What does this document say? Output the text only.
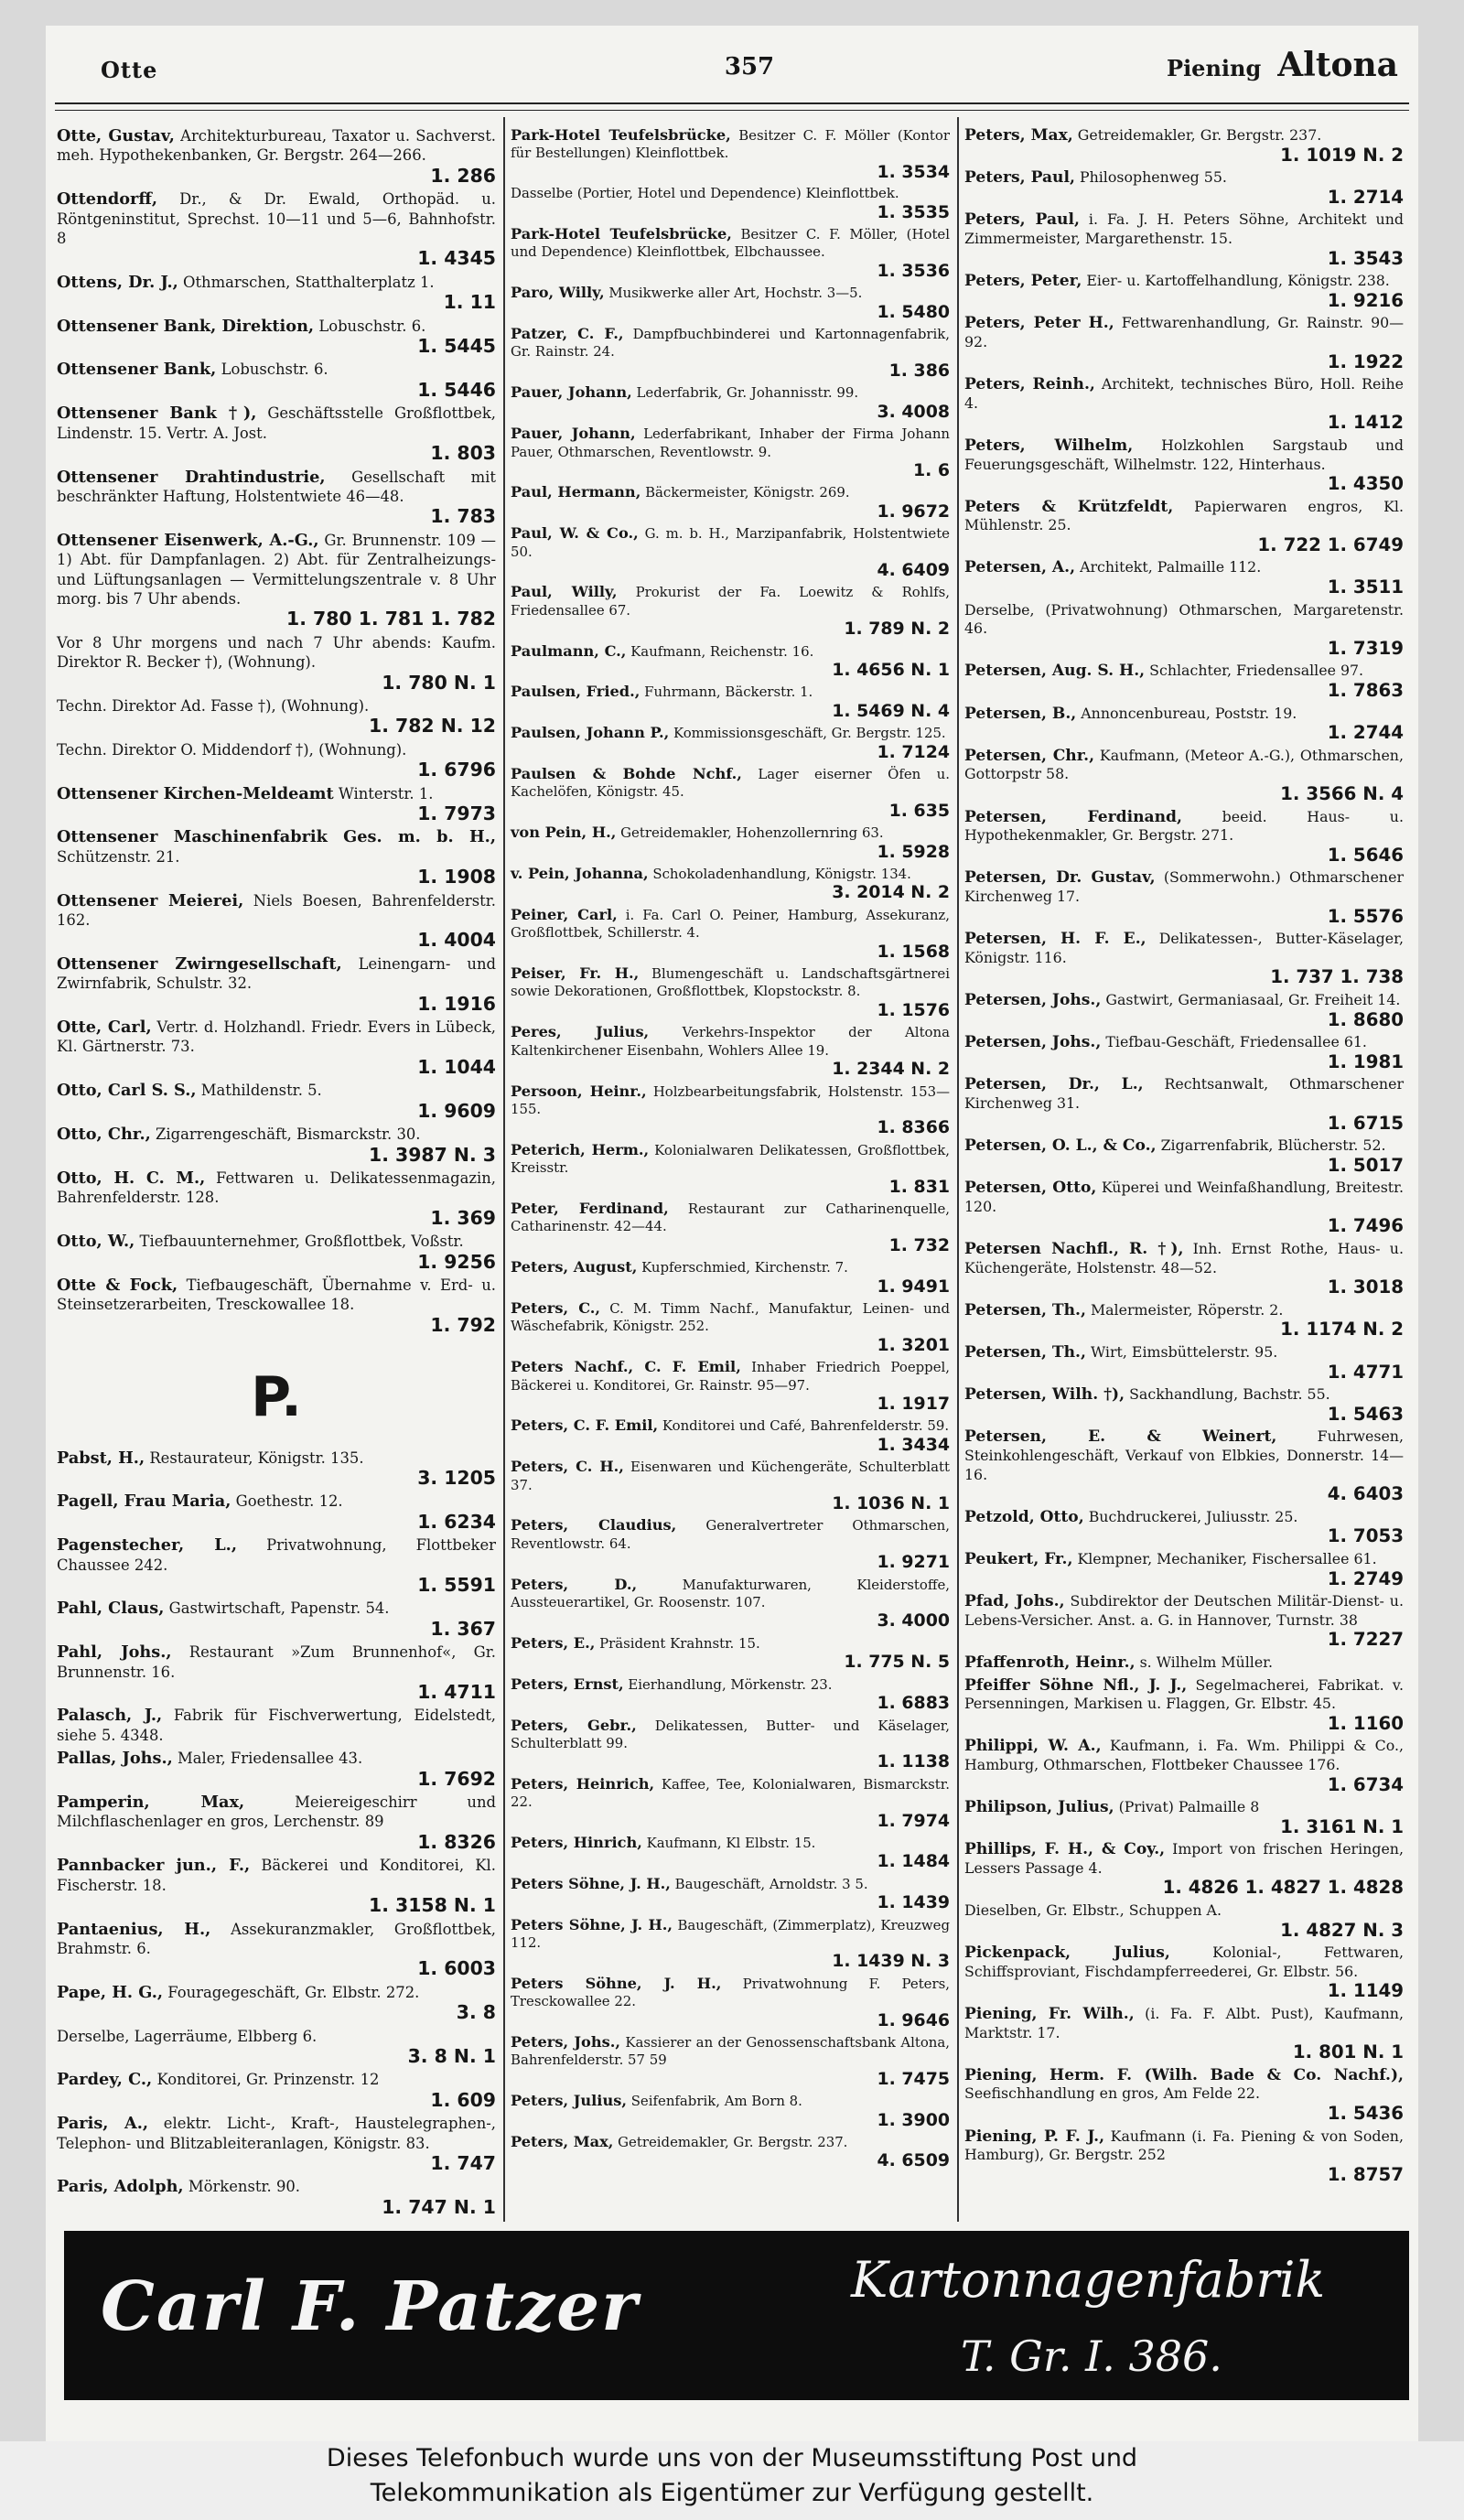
Otte	357	Piening Altona
Otte, Gustav, Architekturbureau, Taxator u. Sachverst. meh. Hypothekenbanken, Gr. Bergstr. 264—266.
1. 286
Ottendorff, Dr., & Dr. Ewald, Orthopäd. u. Röntgeninstitut, Sprechst. 10—11 und 5—6, Bahnhofstr. 8
1. 4345
Ottens, Dr. J., Othmarschen, Statthalterplatz 1.
1. 11
Ottensener Bank, Direktion, Lobuschstr. 6.
1. 5445
Ottensener Bank, Lobuschstr. 6.
1. 5446
Ottensener Bank †), Geschäftsstelle Großflottbek, Lindenstr. 15. Vertr. A. Jost.
1. 803
Ottensener Drahtindustrie, Gesellschaft mit beschränkter Haftung, Holstentwiete 46—48.
1. 783
Ottensener Eisenwerk, A.-G., Gr. Brunnenstr. 109 — 1) Abt. für Dampfanlagen. 2) Abt. für Zentralheizungs- und Lüftungsanlagen — Vermittelungszentrale v. 8 Uhr morg. bis 7 Uhr abends.
1. 780 1. 781 1. 782
Vor 8 Uhr morgens und nach 7 Uhr abends: Kaufm. Direktor R. Becker †), (Wohnung).
1. 780 N. 1
Techn. Direktor Ad. Fasse †), (Wohnung).
1. 782 N. 12
Techn. Direktor O. Middendorf †), (Wohnung).
1. 6796
Ottensener Kirchen-Meldeamt Winterstr. 1.
1. 7973
Ottensener Maschinenfabrik Ges. m. b. H., Schützenstr. 21.
1. 1908
Ottensener Meierei, Niels Boesen, Bahrenfelderstr. 162.
1. 4004
Ottensener Zwirngesellschaft, Leinengarn- und Zwirnfabrik, Schulstr. 32.
1. 1916
Otte, Carl, Vertr. d. Holzhandl. Friedr. Evers in Lübeck, Kl. Gärtnerstr. 73.
1. 1044
Otto, Carl S. S., Mathildenstr. 5.
1. 9609
Otto, Chr., Zigarrengeschäft, Bismarckstr. 30.
1. 3987 N. 3
Otto, H. C. M., Fettwaren u. Delikatessenmagazin, Bahrenfelderstr. 128.
1. 369
Otto, W., Tiefbauunternehmer, Großflottbek, Voßstr.
1. 9256
Otte & Fock, Tiefbaugeschäft, Übernahme v. Erd- u. Steinsetzerarbeiten, Tresckowallee 18.
1. 792
P.
Pabst, H., Restaurateur, Königstr. 135.
3. 1205
Pagell, Frau Maria, Goethestr. 12.
1. 6234
Pagenstecher, L., Privatwohnung, Flottbeker Chaussee 242.
1. 5591
Pahl, Claus, Gastwirtschaft, Papenstr. 54.
1. 367
Pahl, Johs., Restaurant »Zum Brunnenhof«, Gr. Brunnenstr. 16.
1. 4711
Palasch, J., Fabrik für Fischverwertung, Eidelstedt, siehe 5. 4348.
Pallas, Johs., Maler, Friedensallee 43.
1. 7692
Pamperin, Max,	Meiereigeschirr und Milchflaschenlager en gros, Lerchenstr. 89
1. 8326
Pannbacker jun., F., Bäckerei und Konditorei, Kl. Fischerstr. 18.
1. 3158 N. 1
Pantaenius, H., Assekuranzmakler, Großflottbek, Brahmstr. 6.
1. 6003
Pape, H. G., Fouragegeschäft, Gr. Elbstr. 272.
3. 8
Derselbe, Lagerräume, Elbberg 6.
3. 8 N. 1
Pardey, C., Konditorei, Gr. Prinzenstr. 12
1. 609
Paris, A., elektr. Licht-, Kraft-, Haustelegraphen-, Telephon- und Blitzableiteranlagen, Königstr. 83.
1. 747
Paris, Adolph, Mörkenstr. 90.
1. 747 N. 1
Park-Hotel Teufelsbrücke, Besitzer C. F. Möller (Kontor für Bestellungen) Kleinflottbek.
1. 3534
Dasselbe (Portier, Hotel und Dependence) Kleinflottbek.
1. 3535
Park-Hotel Teufelsbrücke, Besitzer C. F. Möller, (Hotel und Dependence) Kleinflottbek, Elbchaussee.
1. 3536
Paro, Willy, Musikwerke aller Art, Hochstr. 3—5.
1. 5480
Patzer, C. F., Dampfbuchbinderei und Kartonnagenfabrik, Gr. Rainstr. 24.
1. 386
Pauer, Johann, Lederfabrik, Gr. Johannisstr. 99.
3. 4008
Pauer, Johann, Lederfabrikant, Inhaber der Firma Johann Pauer, Othmarschen, Reventlowstr. 9.
1. 6
Paul, Hermann, Bäckermeister, Königstr. 269.
1. 9672
Paul, W. & Co., G. m. b. H., Marzipanfabrik, Holstentwiete 50.
4. 6409
Paul, Willy, Prokurist der Fa. Loewitz & Rohlfs, Friedensallee 67.
1. 789 N. 2
Paulmann, C., Kaufmann, Reichenstr. 16.
1. 4656 N. 1
Paulsen, Fried., Fuhrmann, Bäckerstr. 1.
1. 5469 N. 4
Paulsen, Johann P., Kommissionsgeschäft, Gr. Bergstr. 125.
1. 7124
Paulsen & Bohde Nchf., Lager eiserner Öfen u. Kachelöfen, Königstr. 45.
1. 635
von Pein, H., Getreidemakler, Hohenzollernring 63.
1. 5928
v. Pein, Johanna, Schokoladenhandlung, Königstr. 134.
3. 2014 N. 2
Peiner, Carl, i. Fa. Carl O. Peiner, Hamburg, Assekuranz, Großflottbek, Schillerstr. 4.
1. 1568
Peiser, Fr. H., Blumengeschäft u. Landschaftsgärtnerei sowie Dekorationen, Großflottbek, Klopstockstr. 8.
1. 1576
Peres, Julius, Verkehrs-Inspektor der Altona Kaltenkirchener Eisenbahn, Wohlers Allee 19.
1. 2344 N. 2
Persoon, Heinr., Holzbearbeitungsfabrik, Holstenstr. 153—155.
1. 8366
Peterich, Herm., Kolonialwaren Delikatessen, Großflottbek, Kreisstr.
1. 831
Peter, Ferdinand, Restaurant zur Catharinenquelle, Catharinenstr. 42—44.
1. 732
Peters, August, Kupferschmied, Kirchenstr. 7.
1. 9491
Peters, C., C. M. Timm Nachf., Manufaktur, Leinen- und Wäschefabrik, Königstr. 252.
1. 3201
Peters Nachf., C. F. Emil, Inhaber Friedrich Poeppel, Bäckerei u. Konditorei, Gr. Rainstr. 95—97.
1. 1917
Peters, C. F. Emil, Konditorei und Café, Bahrenfelderstr. 59.
1. 3434
Peters, C. H., Eisenwaren und Küchengeräte, Schulterblatt 37.
1. 1036 N. 1
Peters, Claudius, Generalvertreter Othmarschen, Reventlowstr. 64.
1. 9271
Peters, D.,	Manufakturwaren, Kleiderstoffe, Aussteuerartikel, Gr. Roosenstr. 107.
3. 4000
Peters, E., Präsident Krahnstr. 15.
1. 775 N. 5
Peters, Ernst, Eierhandlung, Mörkenstr. 23.
1. 6883
Peters, Gebr., Delikatessen, Butter- und Käselager, Schulterblatt 99.
1. 1138
Peters, Heinrich, Kaffee, Tee, Kolonialwaren, Bismarckstr. 22.
1. 7974
Peters, Hinrich, Kaufmann, Kl Elbstr. 15.
1. 1484
Peters Söhne, J. H., Baugeschäft, Arnoldstr. 3 5.
1. 1439
Peters Söhne, J. H., Baugeschäft, (Zimmerplatz), Kreuzweg 112.
1. 1439 N. 3
Peters Söhne, J. H., Privatwohnung F. Peters, Tresckowallee 22.
1. 9646
Peters, Johs., Kassierer an der Genossenschaftsbank Altona, Bahrenfelderstr. 57 59
1. 7475
Peters, Julius, Seifenfabrik, Am Born 8.
1. 3900
Peters, Max, Getreidemakler, Gr. Bergstr. 237.
4. 6509
Peters, Max, Getreidemakler, Gr. Bergstr. 237.
1. 1019 N. 2
Peters, Paul, Philosophenweg 55.
1. 2714
Peters, Paul, i. Fa. J. H. Peters Söhne, Architekt und Zimmermeister, Margarethenstr. 15.
1. 3543
Peters, Peter, Eier- u. Kartoffelhandlung, Königstr. 238.
1. 9216
Peters, Peter H., Fettwarenhandlung, Gr. Rainstr. 90—92.
1. 1922
Peters, Reinh., Architekt, technisches Büro, Holl. Reihe 4.
1. 1412
Peters, Wilhelm, Holzkohlen Sargstaub und Feuerungsgeschäft, Wilhelmstr. 122, Hinterhaus.
1. 4350
Peters & Krützfeldt, Papierwaren engros, Kl. Mühlenstr. 25.
1. 722 1. 6749
Petersen, A., Architekt, Palmaille 112.
1. 3511
Derselbe, (Privatwohnung) Othmarschen, Margaretenstr. 46.
1. 7319
Petersen, Aug. S. H., Schlachter, Friedensallee 97.
1. 7863
Petersen, B., Annoncenbureau, Poststr. 19.
1. 2744
Petersen, Chr., Kaufmann, (Meteor A.-G.), Othmarschen, Gottorpstr 58.
1. 3566 N. 4
Petersen, Ferdinand,	beeid. Haus- u. Hypothekenmakler, Gr. Bergstr. 271.
1. 5646
Petersen, Dr. Gustav, (Sommerwohn.) Othmarschener Kirchenweg 17.
1. 5576
Petersen, H. F. E., Delikatessen-, Butter-Käselager, Königstr. 116.
1. 737 1. 738
Petersen, Johs., Gastwirt, Germaniasaal, Gr. Freiheit 14.
1. 8680
Petersen, Johs., Tiefbau-Geschäft, Friedensallee 61.
1. 1981
Petersen, Dr., L., Rechtsanwalt, Othmarschener Kirchenweg 31.
1. 6715
Petersen, O. L., & Co., Zigarrenfabrik, Blücherstr. 52.
1. 5017
Petersen, Otto, Küperei und Weinfaßhandlung, Breitestr. 120.
1. 7496
Petersen Nachfl., R. †), Inh. Ernst Rothe, Haus- u. Küchengeräte, Holstenstr. 48—52.
1. 3018
Petersen, Th., Malermeister, Röperstr. 2.
1. 1174 N. 2
Petersen, Th., Wirt, Eimsbüttelerstr. 95.
1. 4771
Petersen, Wilh. †), Sackhandlung, Bachstr. 55.
1. 5463
Petersen, E. & Weinert,	Fuhrwesen, Steinkohlengeschäft, Verkauf von Elbkies, Donnerstr. 14—16.
4. 6403
Petzold, Otto, Buchdruckerei, Juliusstr. 25.
1. 7053
Peukert, Fr., Klempner, Mechaniker, Fischersallee 61.
1. 2749
Pfad, Johs., Subdirektor der Deutschen Militär-Dienst- u. Lebens-Versicher. Anst. a. G. in Hannover, Turnstr. 38
1. 7227
Pfaffenroth, Heinr., s. Wilhelm Müller.
Pfeiffer Söhne Nfl., J. J., Segelmacherei, Fabrikat. v. Persenningen, Markisen u. Flaggen, Gr. Elbstr. 45.
1. 1160
Philippi, W. A., Kaufmann, i. Fa. Wm. Philippi & Co., Hamburg, Othmarschen, Flottbeker Chaussee 176.
1. 6734
Philipson, Julius, (Privat) Palmaille 8
1. 3161 N. 1
Phillips, F. H., & Coy., Import von frischen Heringen, Lessers Passage 4.
1. 4826 1. 4827 1. 4828
Dieselben, Gr. Elbstr., Schuppen A.
1. 4827 N. 3
Pickenpack, Julius,	Kolonial-, Fettwaren, Schiffsproviant, Fischdampferreederei, Gr. Elbstr. 56.
1. 1149
Piening, Fr. Wilh., (i. Fa. F. Albt. Pust), Kaufmann, Marktstr. 17.
1. 801 N. 1
Piening, Herm. F. (Wilh. Bade & Co. Nachf.), Seefischhandlung en gros, Am Felde 22.
1. 5436
Piening, P. F. J., Kaufmann (i. Fa. Piening & von Soden, Hamburg), Gr. Bergstr. 252
1. 8757
Carl F. Patzer	Kartonnagenfabrik
T. Gr. I. 386.
Dieses Telefonbuch wurde uns von der Museumsstiftung Post und
Telekommunikation als Eigentümer zur Verfügung gestellt.
